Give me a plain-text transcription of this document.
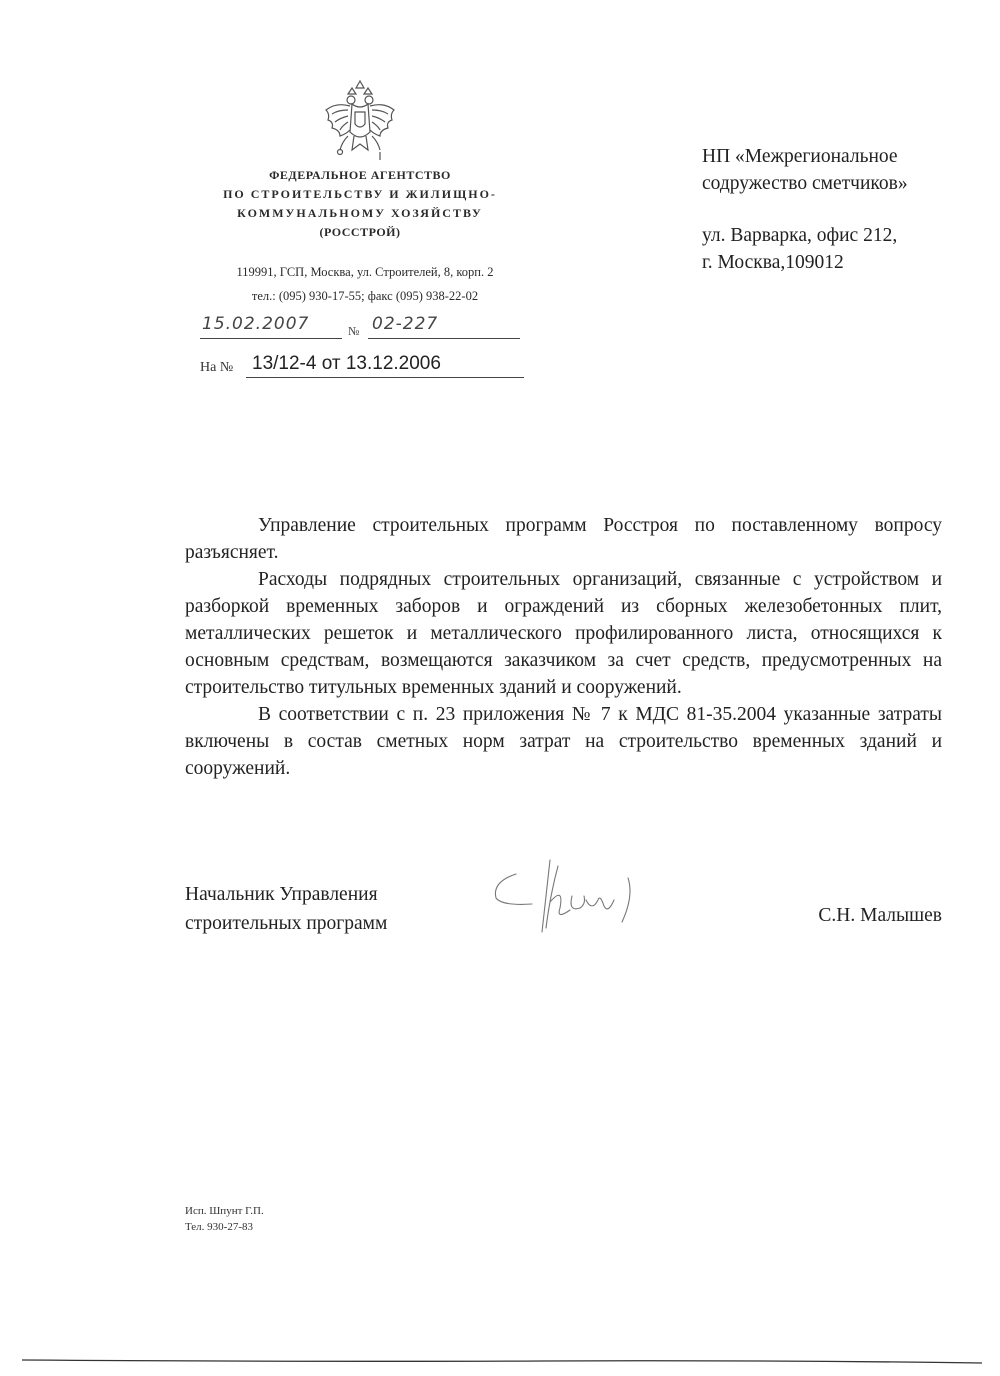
ФЕДЕРАЛЬНОЕ АГЕНТСТВО
ПО СТРОИТЕЛЬСТВУ И ЖИЛИЩНО-
КОММУНАЛЬНОМУ ХОЗЯЙСТВУ
(РОССТРОЙ)
119991, ГСП, Москва, ул. Строителей, 8, корп. 2
тел.: (095) 930-17-55; факс (095) 938-22-02
15.02.2007	№ 02-227
На № 13/12-4 от 13.12.2006

НП «Межрегиональное

содружество сметчиков»

ул. Варварка, офис 212,

г. Москва,109012

Управление строительных программ Росстроя по поставленному вопросу разъясняет.

Расходы подрядных строительных организаций, связанные с устройством и разборкой временных заборов и ограждений из сборных железобетонных плит, металлических решеток и металлического профилированного листа, относящихся к основным средствам, возмещаются заказчиком за счет средств, предусмотренных на строительство титульных временных зданий и сооружений.

В соответствии с п. 23 приложения № 7 к МДС 81-35.2004 указанные затраты включены в состав сметных норм затрат на строительство временных зданий и сооружений.

Начальник Управления
строительных программ	С.Н. Малышев
Исп. Шпунт Г.П.
Тел. 930-27-83
